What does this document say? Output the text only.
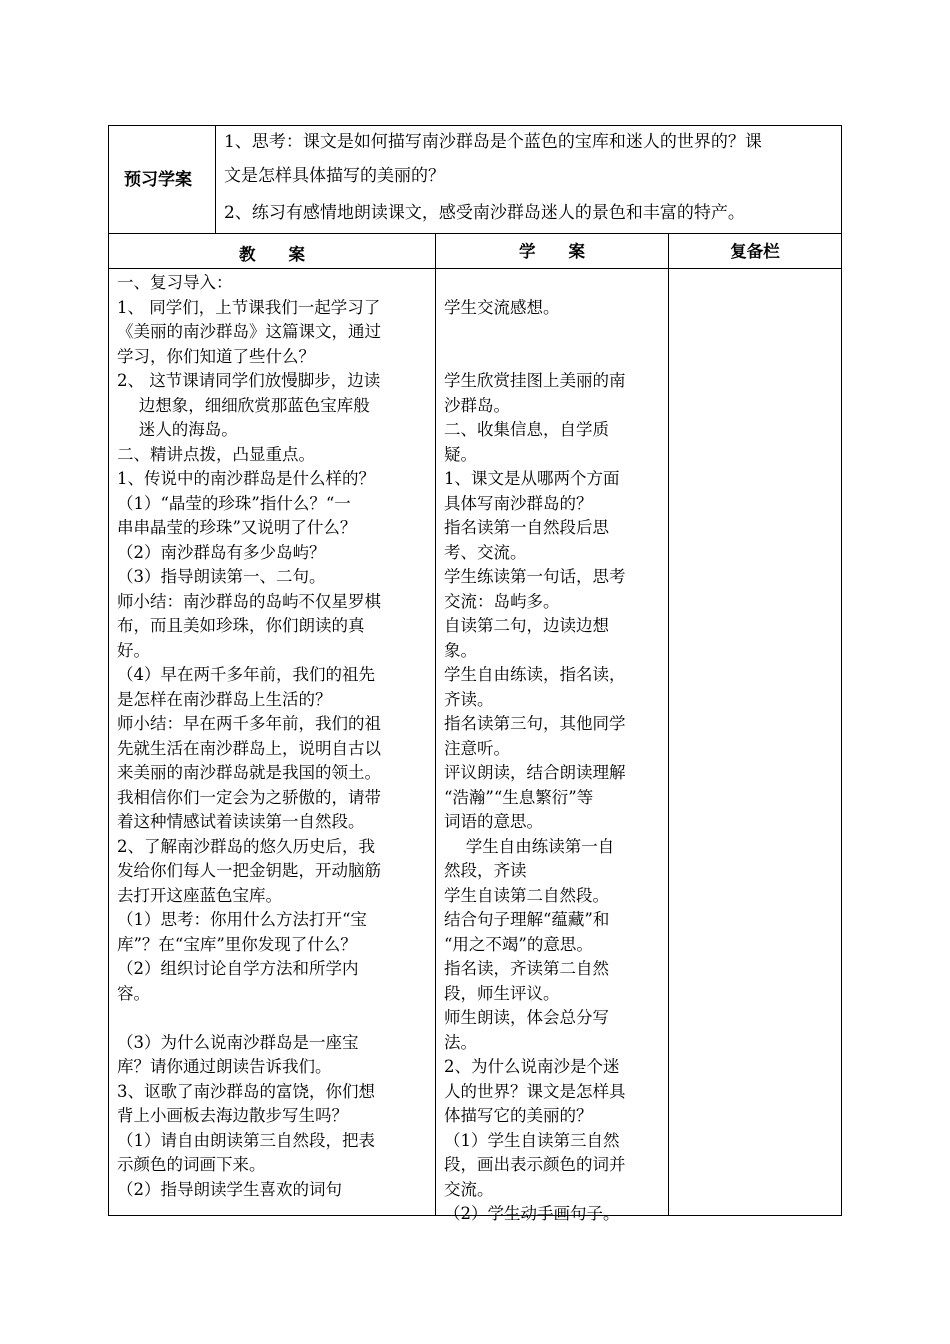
预习学案
1、思考：课文是如何描写南沙群岛是个蓝色的宝库和迷人的世界的？课
文是怎样具体描写的美丽的？
2、练习有感情地朗读课文，感受南沙群岛迷人的景色和丰富的特产。
教　　案	学　　案	复备栏
一、复习导入：
1、 同学们，上节课我们一起学习了
《美丽的南沙群岛》这篇课文，通过
学习，你们知道了些什么？
2、 这节课请同学们放慢脚步，边读
　 边想象，细细欣赏那蓝色宝库般
　 迷人的海岛。
二、精讲点拨，凸显重点。
1、传说中的南沙群岛是什么样的？
（1）“晶莹的珍珠”指什么？“一
串串晶莹的珍珠”又说明了什么？
（2）南沙群岛有多少岛屿？
（3）指导朗读第一、二句。
师小结：南沙群岛的岛屿不仅星罗棋
布，而且美如珍珠，你们朗读的真
好。
（4）早在两千多年前，我们的祖先
是怎样在南沙群岛上生活的？
师小结：早在两千多年前，我们的祖
先就生活在南沙群岛上，说明自古以
来美丽的南沙群岛就是我国的领土。
我相信你们一定会为之骄傲的，请带
着这种情感试着读读第一自然段。
2、了解南沙群岛的悠久历史后，我
发给你们每人一把金钥匙，开动脑筋
去打开这座蓝色宝库。
（1）思考：你用什么方法打开“宝
库”？在“宝库”里你发现了什么？
（2）组织讨论自学方法和所学内
容。
（3）为什么说南沙群岛是一座宝
库？请你通过朗读告诉我们。
3、讴歌了南沙群岛的富饶，你们想
背上小画板去海边散步写生吗？
（1）请自由朗读第三自然段，把表
示颜色的词画下来。
（2）指导朗读学生喜欢的词句
学生交流感想。
学生欣赏挂图上美丽的南
沙群岛。
二、收集信息，自学质
疑。
1、课文是从哪两个方面
具体写南沙群岛的？
指名读第一自然段后思
考、交流。
学生练读第一句话，思考
交流：岛屿多。
自读第二句，边读边想
象。
学生自由练读，指名读，
齐读。
指名读第三句，其他同学
注意听。
评议朗读，结合朗读理解
“浩瀚”“生息繁衍”等
词语的意思。
　 学生自由练读第一自
然段，齐读
学生自读第二自然段。
结合句子理解“蕴藏”和
“用之不竭”的意思。
指名读，齐读第二自然
段，师生评议。
师生朗读，体会总分写
法。
2、为什么说南沙是个迷
人的世界？课文是怎样具
体描写它的美丽的？
（1）学生自读第三自然
段，画出表示颜色的词并
交流。
（2）学生动手画句子。
